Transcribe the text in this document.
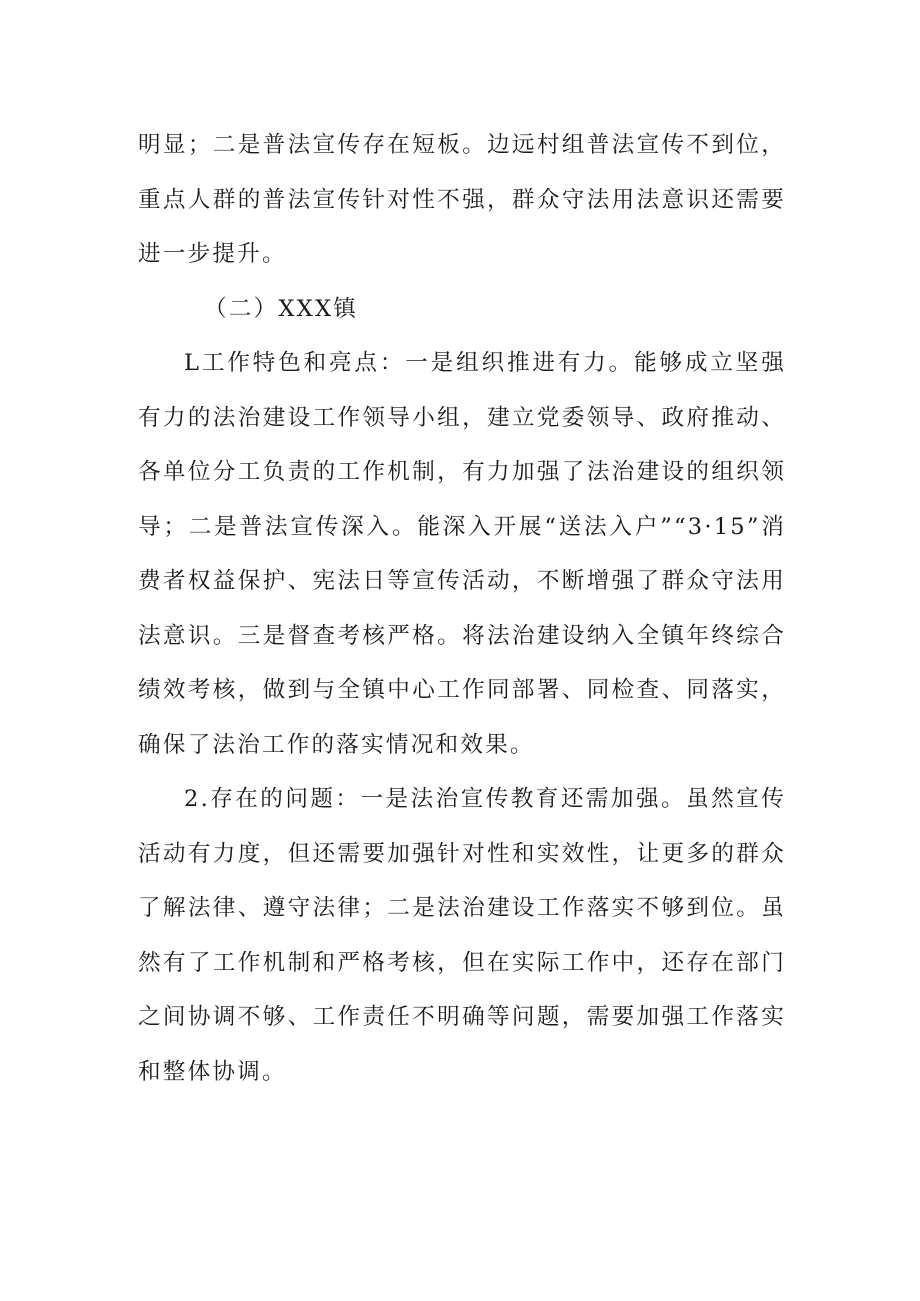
明显；二是普法宣传存在短板。边远村组普法宣传不到位，重点人群的普法宣传针对性不强，群众守法用法意识还需要进一步提升。

（二）XXX镇

L工作特色和亮点：一是组织推进有力。能够成立坚强有力的法治建设工作领导小组，建立党委领导、政府推动、各单位分工负责的工作机制，有力加强了法治建设的组织领导；二是普法宣传深入。能深入开展“送法入户”“3·15”消费者权益保护、宪法日等宣传活动，不断增强了群众守法用法意识。三是督查考核严格。将法治建设纳入全镇年终综合绩效考核，做到与全镇中心工作同部署、同检查、同落实，确保了法治工作的落实情况和效果。

2.存在的问题：一是法治宣传教育还需加强。虽然宣传活动有力度，但还需要加强针对性和实效性，让更多的群众了解法律、遵守法律；二是法治建设工作落实不够到位。虽然有了工作机制和严格考核，但在实际工作中，还存在部门之间协调不够、工作责任不明确等问题，需要加强工作落实和整体协调。
